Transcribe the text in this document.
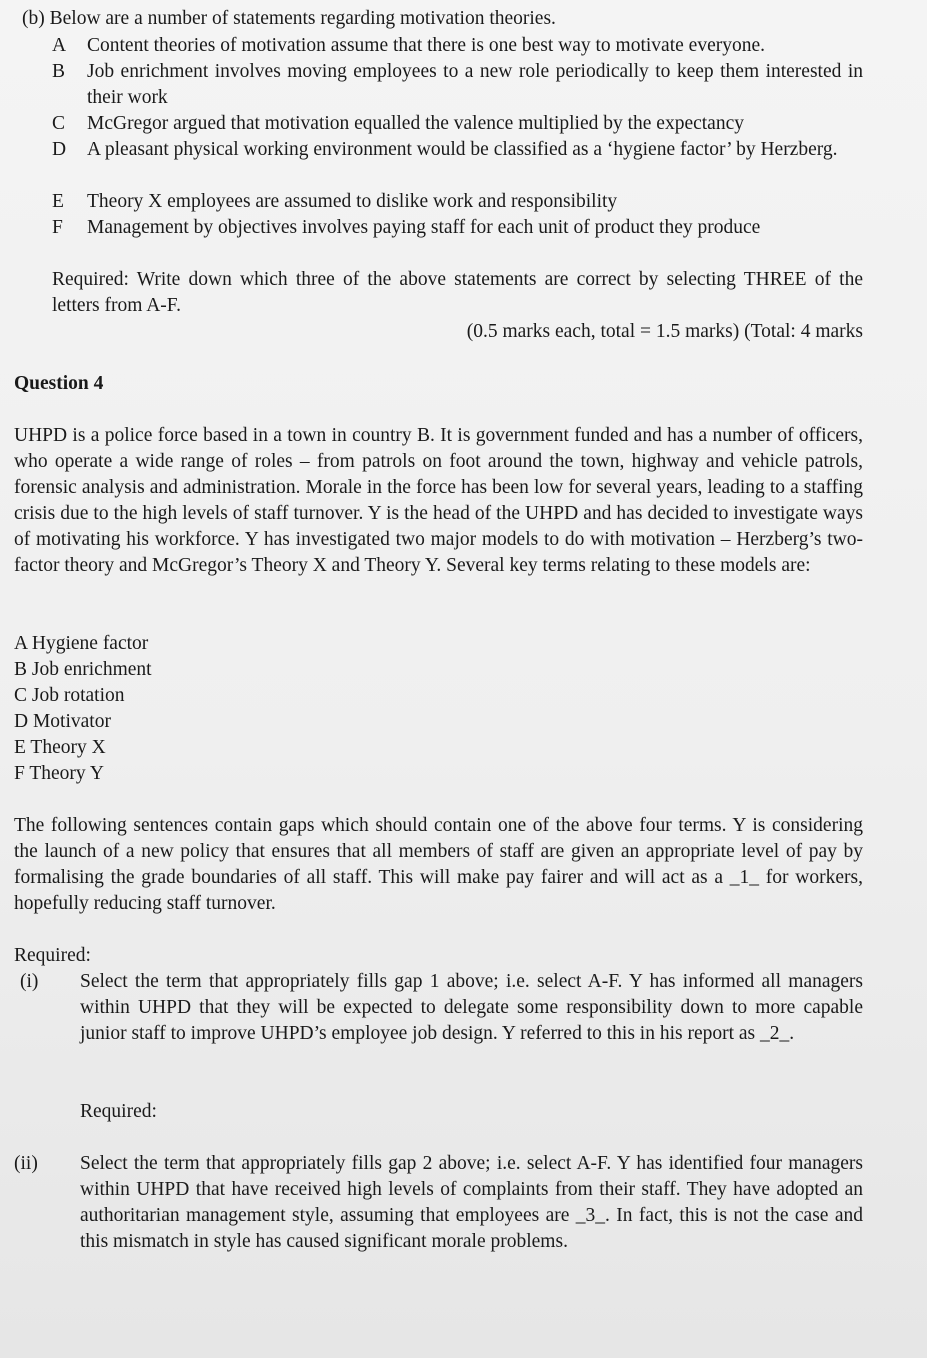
(b) Below are a number of statements regarding motivation theories.
A	Content theories of motivation assume that there is one best way to motivate everyone.
B	Job enrichment involves moving employees to a new role periodically to keep them interested in their work
C	McGregor argued that motivation equalled the valence multiplied by the expectancy
D	A pleasant physical working environment would be classified as a ‘hygiene factor’ by Herzberg.
E	Theory X employees are assumed to dislike work and responsibility
F	Management by objectives involves paying staff for each unit of product they produce
Required: Write down which three of the above statements are correct by selecting THREE of the letters from A-F.
(0.5 marks each, total = 1.5 marks) (Total: 4 marks
Question 4
UHPD is a police force based in a town in country B. It is government funded and has a number of officers, who operate a wide range of roles – from patrols on foot around the town, highway and vehicle patrols, forensic analysis and administration. Morale in the force has been low for several years, leading to a staffing crisis due to the high levels of staff turnover. Y is the head of the UHPD and has decided to investigate ways of motivating his workforce. Y has investigated two major models to do with motivation – Herzberg’s two-factor theory and McGregor’s Theory X and Theory Y. Several key terms relating to these models are:
A Hygiene factor
B Job enrichment
C Job rotation
D Motivator
E Theory X
F Theory Y
The following sentences contain gaps which should contain one of the above four terms. Y is considering the launch of a new policy that ensures that all members of staff are given an appropriate level of pay by formalising the grade boundaries of all staff. This will make pay fairer and will act as a _1_ for workers, hopefully reducing staff turnover.
Required:
(i) Select the term that appropriately fills gap 1 above; i.e. select A-F. Y has informed all managers within UHPD that they will be expected to delegate some responsibility down to more capable junior staff to improve UHPD’s employee job design. Y referred to this in his report as _2_.
Required:
(ii) Select the term that appropriately fills gap 2 above; i.e. select A-F. Y has identified four managers within UHPD that have received high levels of complaints from their staff. They have adopted an authoritarian management style, assuming that employees are _3_. In fact, this is not the case and this mismatch in style has caused significant morale problems.
